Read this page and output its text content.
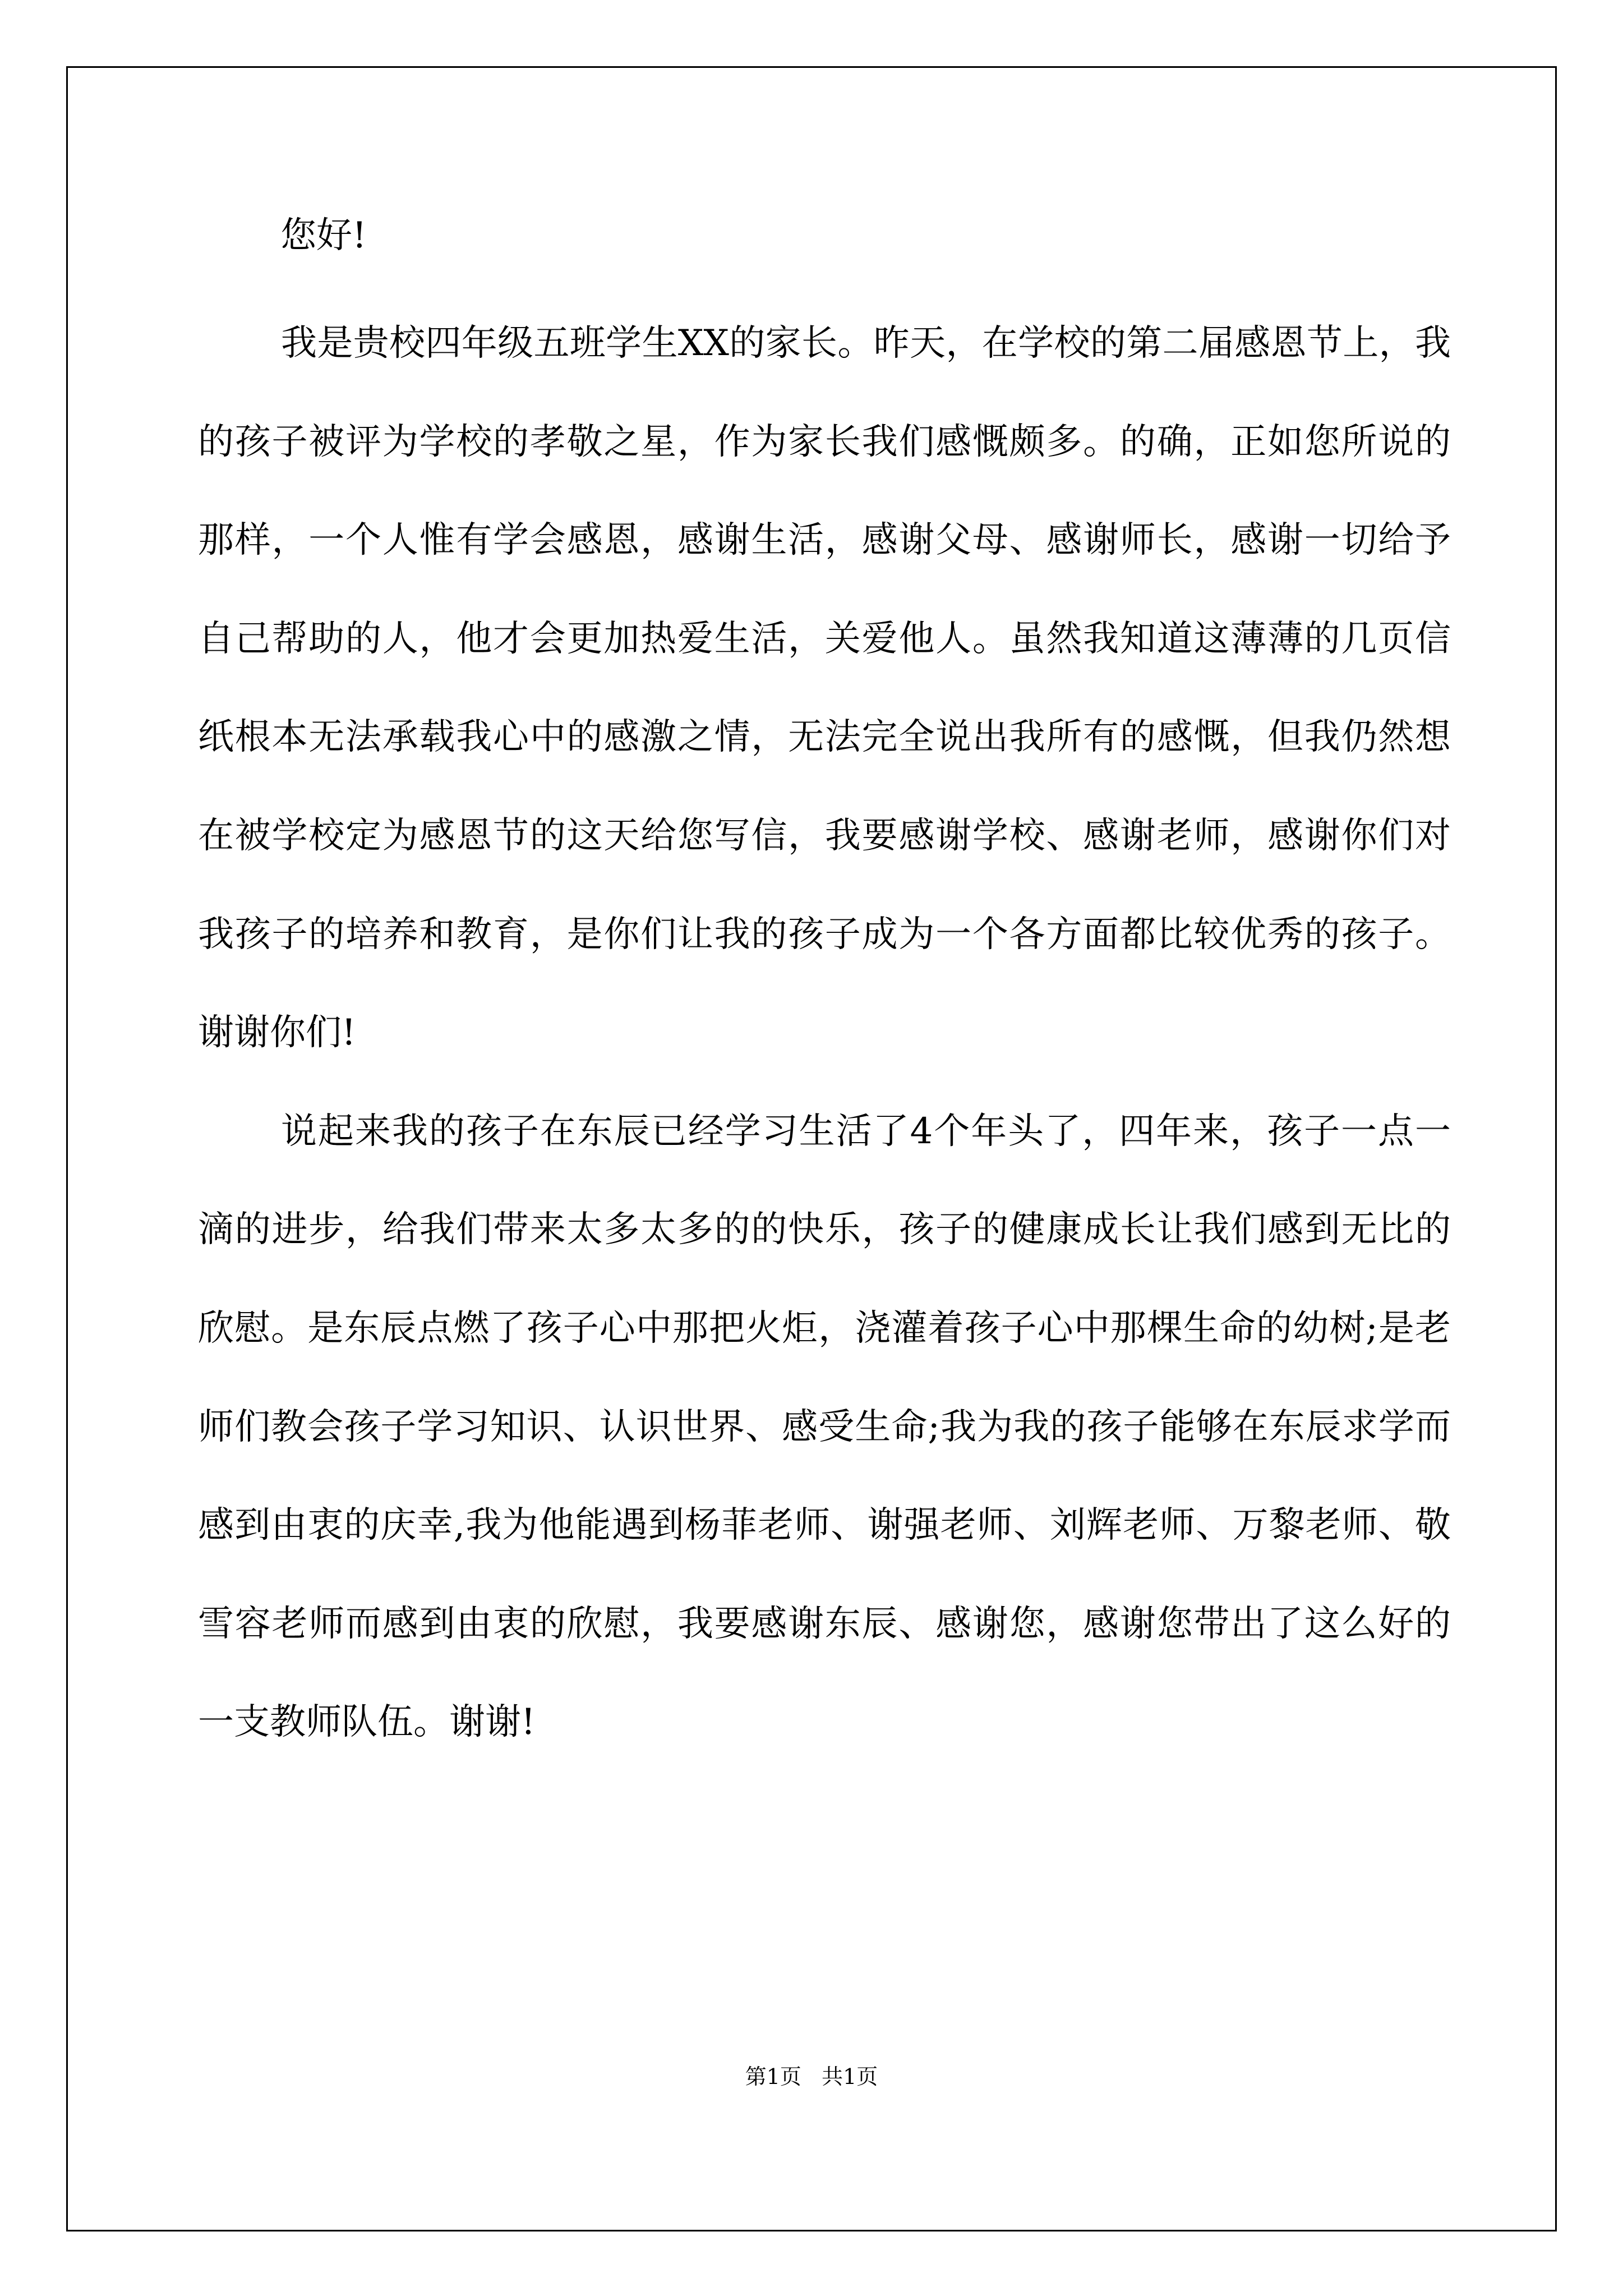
您好!

我是贵校四年级五班学生XX的家长。昨天，在学校的第二届感恩节上，我的孩子被评为学校的孝敬之星，作为家长我们感慨颇多。的确，正如您所说的那样，一个人惟有学会感恩，感谢生活，感谢父母、感谢师长，感谢一切给予自己帮助的人，他才会更加热爱生活，关爱他人。虽然我知道这薄薄的几页信纸根本无法承载我心中的感激之情，无法完全说出我所有的感慨，但我仍然想在被学校定为感恩节的这天给您写信，我要感谢学校、感谢老师，感谢你们对我孩子的培养和教育，是你们让我的孩子成为一个各方面都比较优秀的孩子。谢谢你们!

说起来我的孩子在东辰已经学习生活了4个年头了，四年来，孩子一点一滴的进步，给我们带来太多太多的的快乐，孩子的健康成长让我们感到无比的欣慰。是东辰点燃了孩子心中那把火炬，浇灌着孩子心中那棵生命的幼树;是老师们教会孩子学习知识、认识世界、感受生命;我为我的孩子能够在东辰求学而感到由衷的庆幸,我为他能遇到杨菲老师、谢强老师、刘辉老师、万黎老师、敬雪容老师而感到由衷的欣慰，我要感谢东辰、感谢您，感谢您带出了这么好的一支教师队伍。谢谢!

第1页   共1页
